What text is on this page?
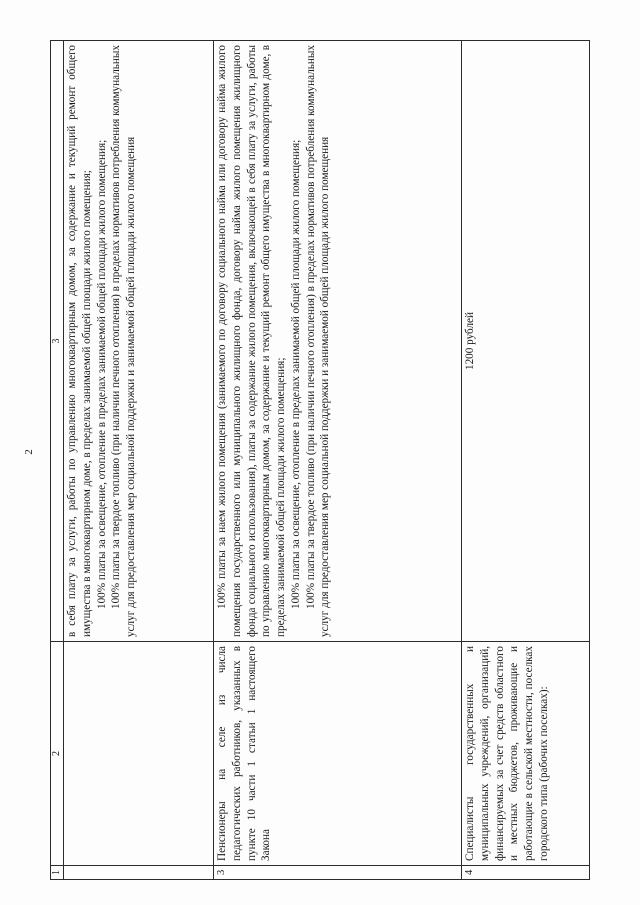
2
1	2	3

		в себя плату за услуги, работы по управлению многоквартирным домом, за содержание и текущий ремонт общего имущества в многоквартирном доме, в пределах занимаемой общей площади жилого помещения; 100% платы за освещение, отопление в пределах занимаемой общей площади жилого помещения; 100% платы за твердое топливо (при наличии печного отопления) в пределах нормативов потребления коммунальных услуг для предоставления мер социальной поддержки и занимаемой общей площади жилого помещения

3	Пенсионеры на селе из числа педагогических работников, указанных в пункте 10 части 1 статьи 1 настоящего Закона	100% платы за наем жилого помещения (занимаемого по договору социального найма или договору найма жилого помещения государственного или муниципального жилищного фонда, договору найма жилого помещения жилищного фонда социального использования), платы за содержание жилого помещения, включающей в себя плату за услуги, работы по управлению многоквартирным домом, за содержание и текущий ремонт общего имущества в многоквартирном доме, в пределах занимаемой общей площади жилого помещения; 100% платы за освещение, отопление в пределах занимаемой общей площади жилого помещения; 100% платы за твердое топливо (при наличии печного отопления) в пределах нормативов потребления коммунальных услуг для предоставления мер социальной поддержки и занимаемой общей площади жилого помещения

4	Специалисты государственных и муниципальных учреждений, организаций, финансируемых за счет средств областного и местных бюджетов, проживающие и работающие в сельской местности, поселках городского типа (рабочих поселках):	1200 рублей
